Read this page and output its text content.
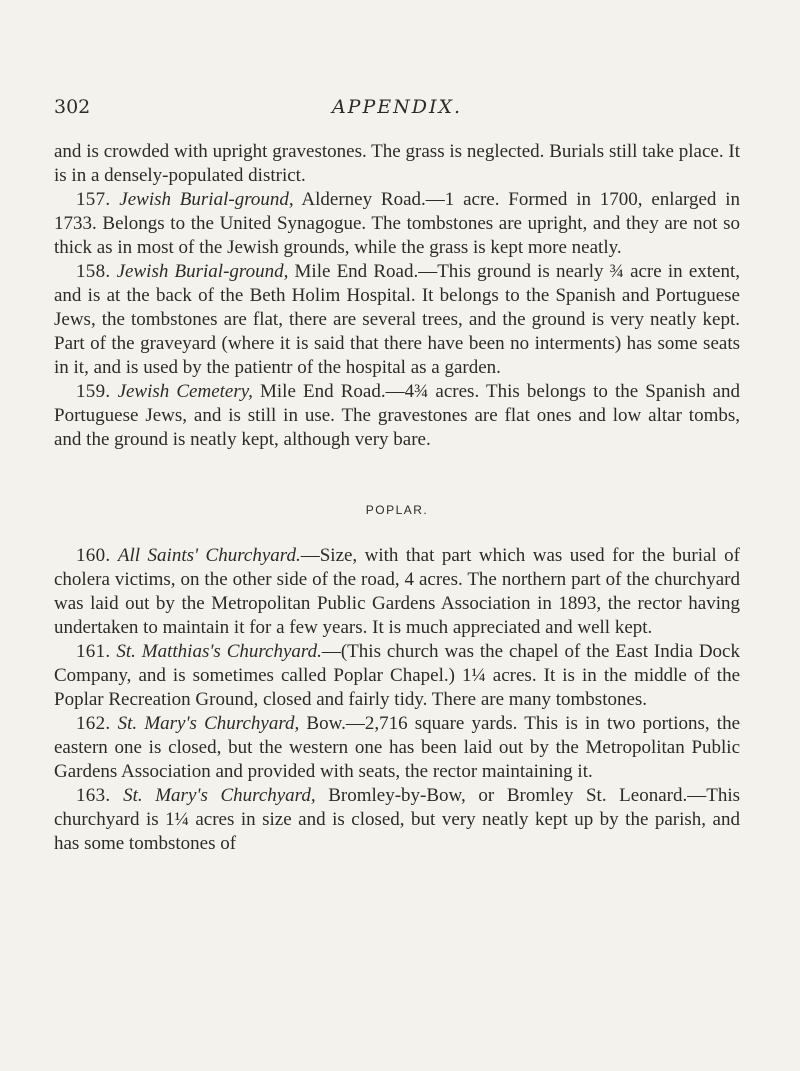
302	APPENDIX.

and is crowded with upright gravestones. The grass is neglected. Burials still take place. It is in a densely-populated district.

157. Jewish Burial-ground, Alderney Road.—1 acre. Formed in 1700, enlarged in 1733. Belongs to the United Synagogue. The tombstones are upright, and they are not so thick as in most of the Jewish grounds, while the grass is kept more neatly.

158. Jewish Burial-ground, Mile End Road.—This ground is nearly ¾ acre in extent, and is at the back of the Beth Holim Hospital. It belongs to the Spanish and Portuguese Jews, the tombstones are flat, there are several trees, and the ground is very neatly kept. Part of the graveyard (where it is said that there have been no interments) has some seats in it, and is used by the patientr of the hospital as a garden.

159. Jewish Cemetery, Mile End Road.—4¾ acres. This belongs to the Spanish and Portuguese Jews, and is still in use. The gravestones are flat ones and low altar tombs, and the ground is neatly kept, although very bare.

POPLAR.

160. All Saints' Churchyard.—Size, with that part which was used for the burial of cholera victims, on the other side of the road, 4 acres. The northern part of the churchyard was laid out by the Metropolitan Public Gardens Association in 1893, the rector having undertaken to maintain it for a few years. It is much appreciated and well kept.

161. St. Matthias's Churchyard.—(This church was the chapel of the East India Dock Company, and is sometimes called Poplar Chapel.) 1¼ acres. It is in the middle of the Poplar Recreation Ground, closed and fairly tidy. There are many tombstones.

162. St. Mary's Churchyard, Bow.—2,716 square yards. This is in two portions, the eastern one is closed, but the western one has been laid out by the Metropolitan Public Gardens Association and provided with seats, the rector maintaining it.

163. St. Mary's Churchyard, Bromley-by-Bow, or Bromley St. Leonard.—This churchyard is 1¼ acres in size and is closed, but very neatly kept up by the parish, and has some tombstones of
